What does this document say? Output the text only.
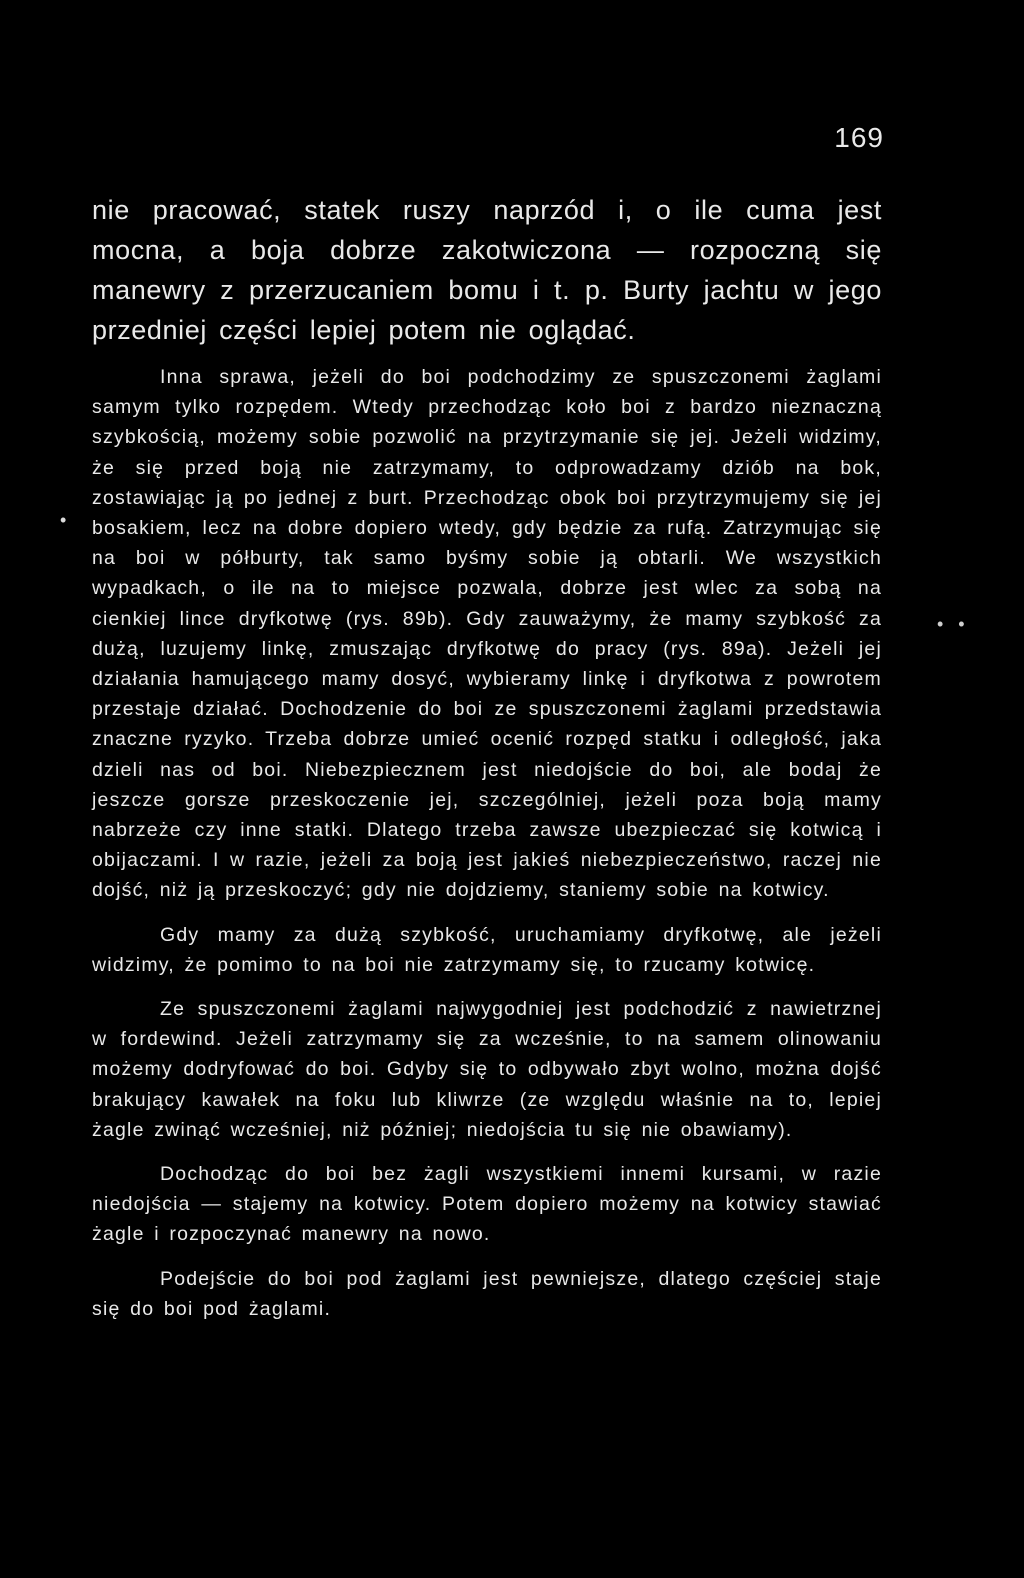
169

•

• •

nie pracować, statek ruszy naprzód i, o ile cuma jest mocna, a boja dobrze zakotwiczona — rozpoczną się manewry z przerzucaniem bomu i t. p. Burty jachtu w jego przedniej części lepiej potem nie oglądać.

Inna sprawa, jeżeli do boi podchodzimy ze spuszczonemi żaglami samym tylko rozpędem. Wtedy przechodząc koło boi z bardzo nieznaczną szybkością, możemy sobie pozwolić na przytrzymanie się jej. Jeżeli widzimy, że się przed boją nie zatrzymamy, to odprowadzamy dziób na bok, zostawiając ją po jednej z burt. Przechodząc obok boi przytrzymujemy się jej bosakiem, lecz na dobre dopiero wtedy, gdy będzie za rufą. Zatrzymując się na boi w półburty, tak samo byśmy sobie ją obtarli. We wszystkich wypadkach, o ile na to miejsce pozwala, dobrze jest wlec za sobą na cienkiej lince dryfkotwę (rys. 89b). Gdy zauważymy, że mamy szybkość za dużą, luzujemy linkę, zmuszając dryfkotwę do pracy (rys. 89a). Jeżeli jej działania hamującego mamy dosyć, wybieramy linkę i dryfkotwa z powrotem przestaje działać. Dochodzenie do boi ze spuszczonemi żaglami przedstawia znaczne ryzyko. Trzeba dobrze umieć ocenić rozpęd statku i odległość, jaka dzieli nas od boi. Niebezpiecznem jest niedojście do boi, ale bodaj że jeszcze gorsze przeskoczenie jej, szczególniej, jeżeli poza boją mamy nabrzeże czy inne statki. Dlatego trzeba zawsze ubezpieczać się kotwicą i obijaczami. I w razie, jeżeli za boją jest jakieś niebezpieczeństwo, raczej nie dojść, niż ją przeskoczyć; gdy nie dojdziemy, staniemy sobie na kotwicy.

Gdy mamy za dużą szybkość, uruchamiamy dryfkotwę, ale jeżeli widzimy, że pomimo to na boi nie zatrzymamy się, to rzucamy kotwicę.

Ze spuszczonemi żaglami najwygodniej jest podchodzić z nawietrznej w fordewind. Jeżeli zatrzymamy się za wcześnie, to na samem olinowaniu możemy dodryfować do boi. Gdyby się to odbywało zbyt wolno, można dojść brakujący kawałek na foku lub kliwrze (ze względu właśnie na to, lepiej żagle zwinąć wcześniej, niż później; niedojścia tu się nie obawiamy).

Dochodząc do boi bez żagli wszystkiemi innemi kursami, w razie niedojścia — stajemy na kotwicy. Potem dopiero możemy na kotwicy stawiać żagle i rozpoczynać manewry na nowo.

Podejście do boi pod żaglami jest pewniejsze, dlatego częściej staje się do boi pod żaglami.
